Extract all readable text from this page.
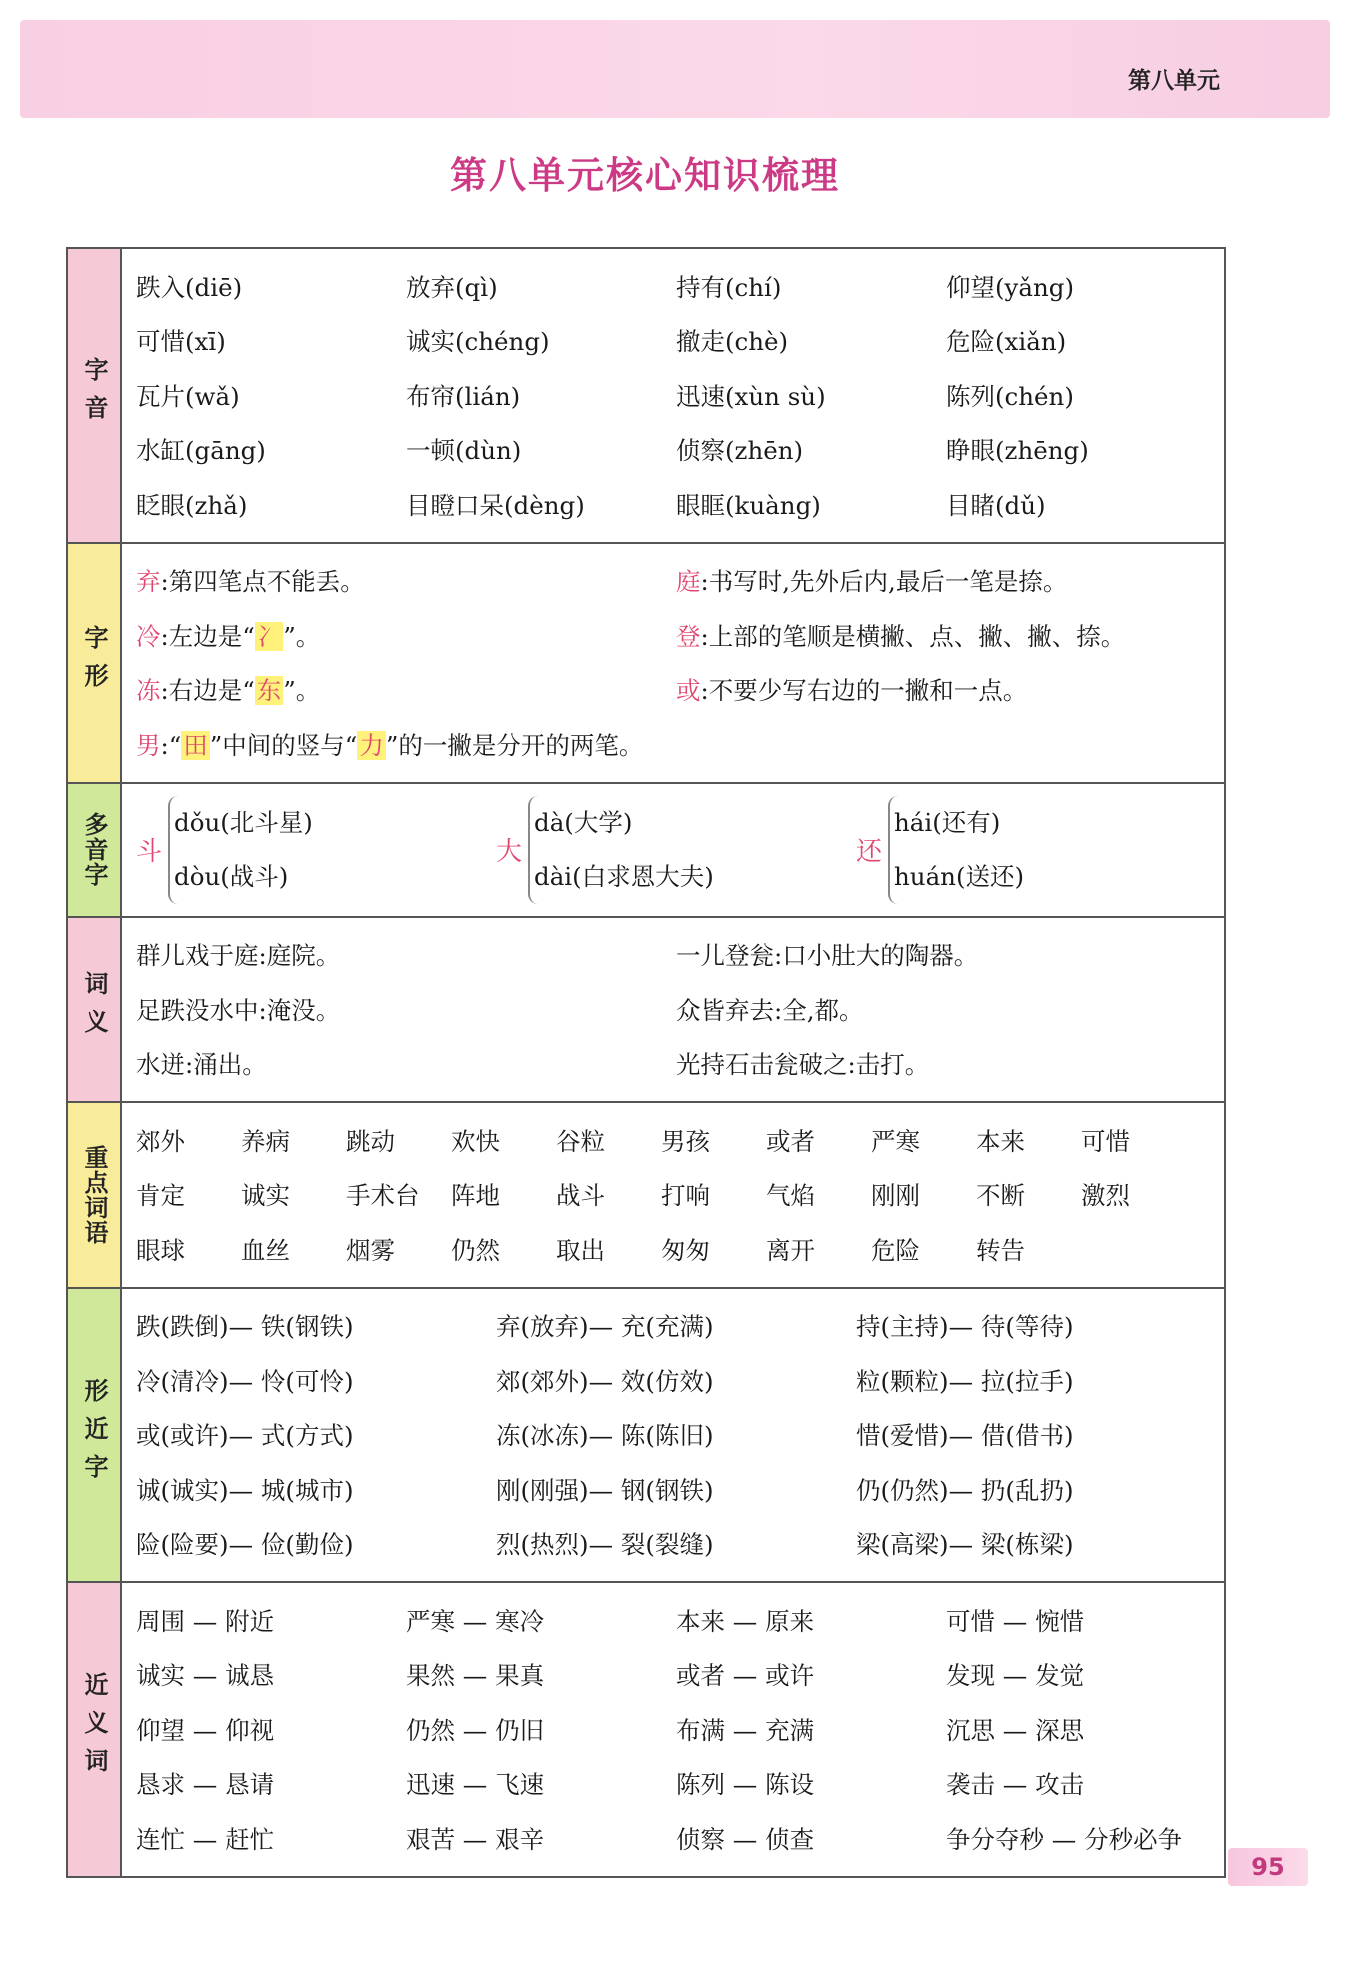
第八单元
第八单元核心知识梳理
字音
跌入(diē)	放弃(qì)	持有(chí)	仰望(yǎng)
可惜(xī)	诚实(chéng)	撤走(chè)	危险(xiǎn)
瓦片(wǎ)	布帘(lián)	迅速(xùn sù)	陈列(chén)
水缸(gāng)	一顿(dùn)	侦察(zhēn)	睁眼(zhēng)
眨眼(zhǎ)	目瞪口呆(dèng)	眼眶(kuàng)	目睹(dǔ)
字形
弃:第四笔点不能丢。	庭:书写时,先外后内,最后一笔是捺。
冷:左边是“冫”。	登:上部的笔顺是横撇、点、撇、撇、捺。
冻:右边是“东”。	或:不要少写右边的一撇和一点。
男:“田”中间的竖与“力”的一撇是分开的两笔。
多音字 斗
dǒu(北斗星)
dòu(战斗)
大
dà(大学)
dài(白求恩大夫)
还
hái(还有)
huán(送还)
词义
群儿戏于庭:庭院。	一儿登瓮:口小肚大的陶器。
足跌没水中:淹没。	众皆弃去:全,都。
水迸:涌出。	光持石击瓮破之:击打。
重点词语
郊外	养病	跳动	欢快	谷粒	男孩	或者	严寒	本来	可惜
肯定	诚实	手术台	阵地	战斗	打响	气焰	刚刚	不断	激烈
眼球	血丝	烟雾	仍然	取出	匆匆	离开	危险	转告
形近字
跌(跌倒)— 铁(钢铁)	弃(放弃)— 充(充满)	持(主持)— 待(等待)
冷(清冷)— 怜(可怜)	郊(郊外)— 效(仿效)	粒(颗粒)— 拉(拉手)
或(或许)— 式(方式)	冻(冰冻)— 陈(陈旧)	惜(爱惜)— 借(借书)
诚(诚实)— 城(城市)	刚(刚强)— 钢(钢铁)	仍(仍然)— 扔(乱扔)
险(险要)— 俭(勤俭)	烈(热烈)— 裂(裂缝)	梁(高梁)— 梁(栋梁)
近义词
周围 — 附近	严寒 — 寒冷	本来 — 原来	可惜 — 惋惜
诚实 — 诚恳	果然 — 果真	或者 — 或许	发现 — 发觉
仰望 — 仰视	仍然 — 仍旧	布满 — 充满	沉思 — 深思
恳求 — 恳请	迅速 — 飞速	陈列 — 陈设	袭击 — 攻击
连忙 — 赶忙	艰苦 — 艰辛	侦察 — 侦查	争分夺秒 — 分秒必争
95
